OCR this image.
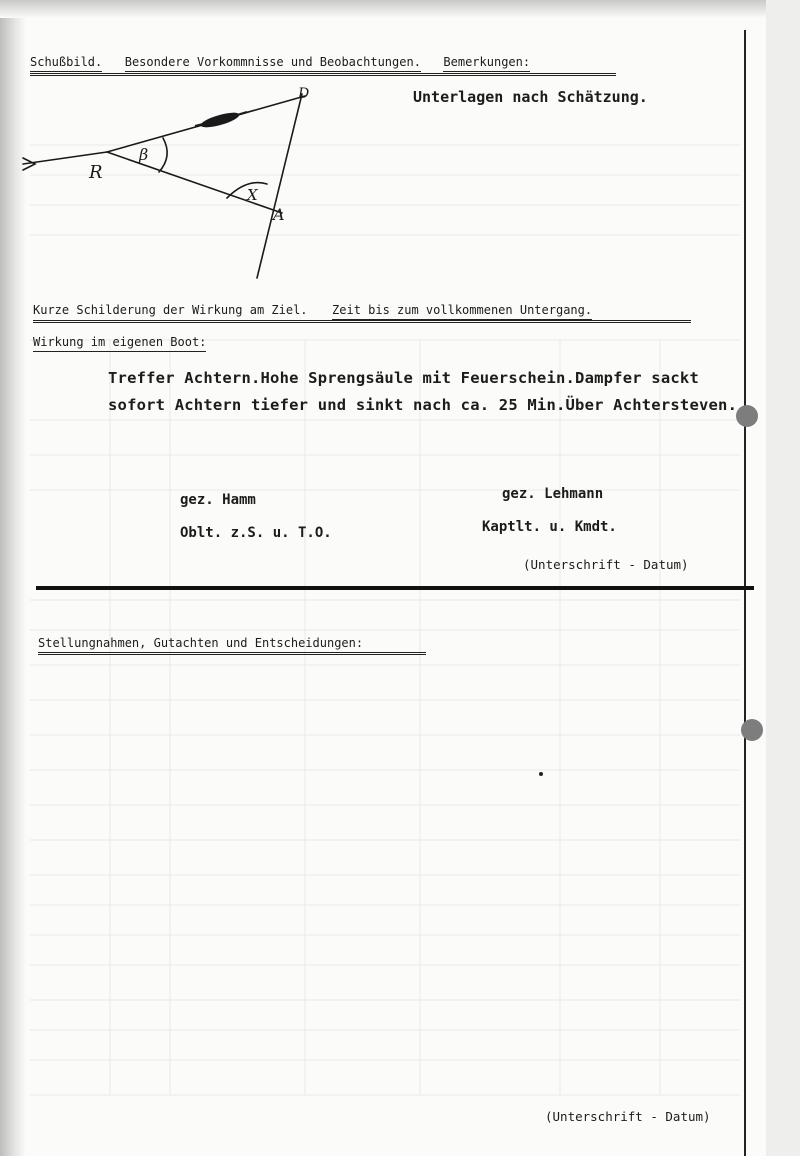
Schußbild. Besondere Vorkommnisse und Beobachtungen. Bemerkungen:
Unterlagen nach Schätzung.
R
β
X
A
D
Kurze Schilderung der Wirkung am Ziel. Zeit bis zum vollkommenen Untergang.
Wirkung im eigenen Boot:
Treffer Achtern.Hohe Sprengsäule mit Feuerschein.Dampfer sackt
sofort Achtern tiefer und sinkt nach ca. 25 Min.Über Achtersteven.
gez. Hamm
Oblt. z.S. u. T.O.
gez. Lehmann
Kaptlt. u. Kmdt.
(Unterschrift - Datum)
Stellungnahmen, Gutachten und Entscheidungen:
(Unterschrift - Datum)
